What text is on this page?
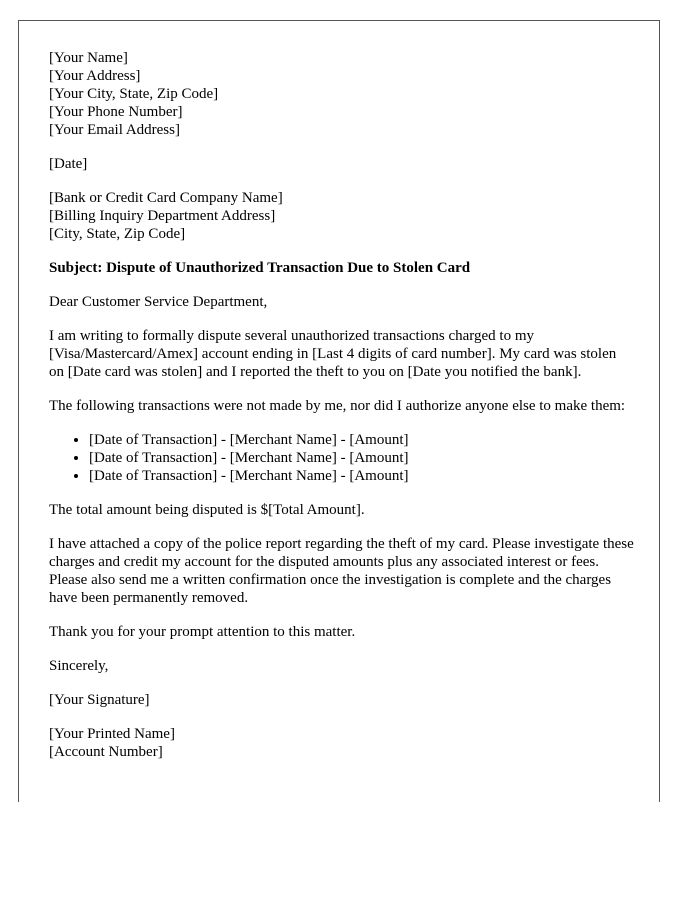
[Your Name]
[Your Address]
[Your City, State, Zip Code]
[Your Phone Number]
[Your Email Address]
[Date]
[Bank or Credit Card Company Name]
[Billing Inquiry Department Address]
[City, State, Zip Code]
Subject: Dispute of Unauthorized Transaction Due to Stolen Card

Dear Customer Service Department,

I am writing to formally dispute several unauthorized transactions charged to my [Visa/Mastercard/Amex] account ending in [Last 4 digits of card number]. My card was stolen on [Date card was stolen] and I reported the theft to you on [Date you notified the bank].

The following transactions were not made by me, nor did I authorize anyone else to make them:

• [Date of Transaction] - [Merchant Name] - [Amount]
• [Date of Transaction] - [Merchant Name] - [Amount]
• [Date of Transaction] - [Merchant Name] - [Amount]

The total amount being disputed is $[Total Amount].

I have attached a copy of the police report regarding the theft of my card. Please investigate these charges and credit my account for the disputed amounts plus any associated interest or fees. Please also send me a written confirmation once the investigation is complete and the charges have been permanently removed.

Thank you for your prompt attention to this matter.

Sincerely,

[Your Signature]

[Your Printed Name]
[Account Number]
